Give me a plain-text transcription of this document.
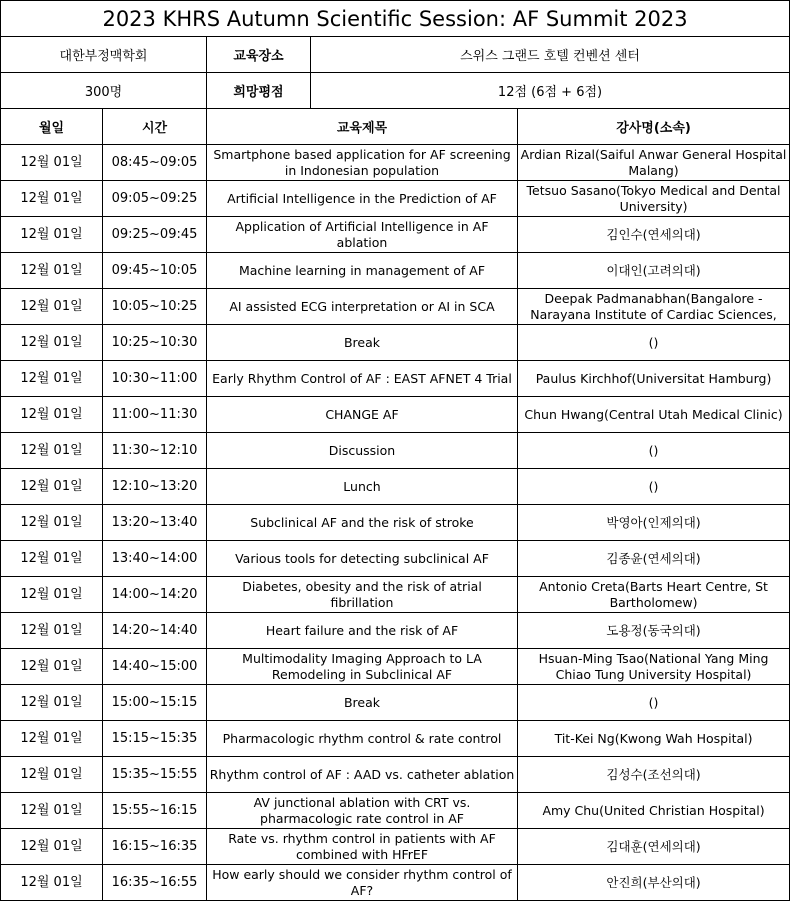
2023 KHRS Autumn Scientific Session: AF Summit 2023				
대한부정맥학회		교육장소	스위스 그랜드 호텔 컨벤션 센터	
300명		희망평점	12점 (6점 + 6점)	
월일	시간	교육제목		강사명(소속)
12월 01일	08:45~09:05	Smartphone based application for AF screening in Indonesian population		Ardian Rizal(Saiful Anwar General Hospital Malang)
12월 01일	09:05~09:25	Artificial Intelligence in the Prediction of AF		Tetsuo Sasano(Tokyo Medical and Dental University)
12월 01일	09:25~09:45	Application of Artificial Intelligence in AF ablation		김인수(연세의대)
12월 01일	09:45~10:05	Machine learning in management of AF		이대인(고려의대)
12월 01일	10:05~10:25	AI assisted ECG interpretation or AI in SCA		Deepak Padmanabhan(Bangalore - Narayana Institute of Cardiac Sciences,
12월 01일	10:25~10:30	Break		()
12월 01일	10:30~11:00	Early Rhythm Control of AF : EAST AFNET 4 Trial		Paulus Kirchhof(Universitat Hamburg)
12월 01일	11:00~11:30	CHANGE AF		Chun Hwang(Central Utah Medical Clinic)
12월 01일	11:30~12:10	Discussion		()
12월 01일	12:10~13:20	Lunch		()
12월 01일	13:20~13:40	Subclinical AF and the risk of stroke		박영아(인제의대)
12월 01일	13:40~14:00	Various tools for detecting subclinical AF		김종윤(연세의대)
12월 01일	14:00~14:20	Diabetes, obesity and the risk of atrial fibrillation		Antonio Creta(Barts Heart Centre, St Bartholomew)
12월 01일	14:20~14:40	Heart failure and the risk of AF		도용정(동국의대)
12월 01일	14:40~15:00	Multimodality Imaging Approach to LA Remodeling in Subclinical AF		Hsuan-Ming Tsao(National Yang Ming Chiao Tung University Hospital)
12월 01일	15:00~15:15	Break		()
12월 01일	15:15~15:35	Pharmacologic rhythm control & rate control		Tit-Kei Ng(Kwong Wah Hospital)
12월 01일	15:35~15:55	Rhythm control of AF : AAD vs. catheter ablation		김성수(조선의대)
12월 01일	15:55~16:15	AV junctional ablation with CRT vs. pharmacologic rate control in AF		Amy Chu(United Christian Hospital)
12월 01일	16:15~16:35	Rate vs. rhythm control in patients with AF combined with HFrEF		김대훈(연세의대)
12월 01일	16:35~16:55	How early should we consider rhythm control of AF?		안진희(부산의대)
